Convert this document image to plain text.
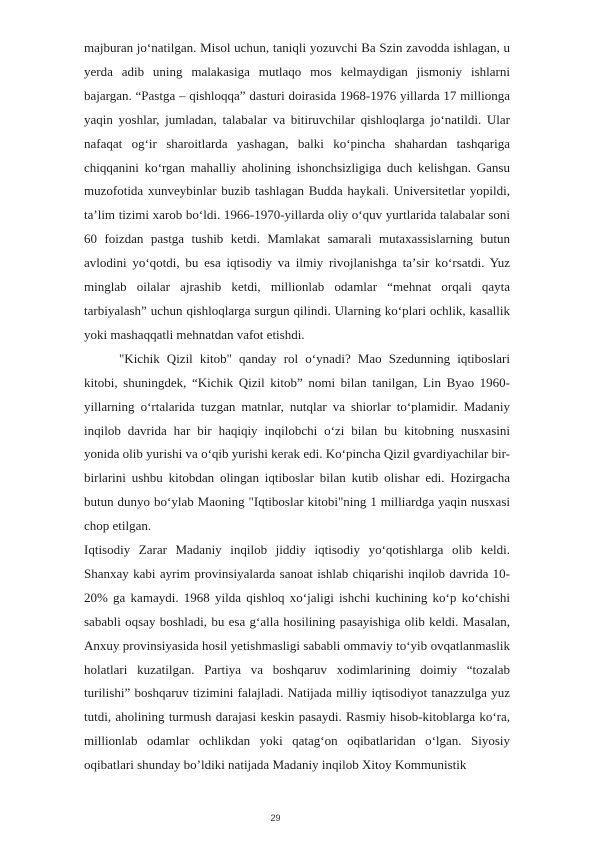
majburan joʻnatilgan. Misol uchun, taniqli yozuvchi Ba Szin zavodda ishlagan, u yerda adib uning malakasiga mutlaqo mos kelmaydigan jismoniy ishlarni bajargan. “Pastga – qishloqqa” dasturi doirasida 1968-1976 yillarda 17 millionga yaqin yoshlar, jumladan, talabalar va bitiruvchilar qishloqlarga joʻnatildi. Ular nafaqat ogʻir sharoitlarda yashagan, balki koʻpincha shahardan tashqariga chiqqanini koʻrgan mahalliy aholining ishonchsizligiga duch kelishgan. Gansu muzofotida xunveybinlar buzib tashlagan Budda haykali. Universitetlar yopildi, taʼlim tizimi xarob boʻldi. 1966-1970-yillarda oliy oʻquv yurtlarida talabalar soni 60 foizdan pastga tushib ketdi. Mamlakat samarali mutaxassislarning butun avlodini yoʻqotdi, bu esa iqtisodiy va ilmiy rivojlanishga taʼsir koʻrsatdi. Yuz minglab oilalar ajrashib ketdi, millionlab odamlar “mehnat orqali qayta tarbiyalash” uchun qishloqlarga surgun qilindi. Ularning koʻplari ochlik, kasallik yoki mashaqqatli mehnatdan vafot etishdi.

"Kichik Qizil kitob" qanday rol oʻynadi? Mao Szedunning iqtiboslari kitobi, shuningdek, “Kichik Qizil kitob” nomi bilan tanilgan, Lin Byao 1960-yillarning oʻrtalarida tuzgan matnlar, nutqlar va shiorlar toʻplamidir. Madaniy inqilob davrida har bir haqiqiy inqilobchi oʻzi bilan bu kitobning nusxasini yonida olib yurishi va oʻqib yurishi kerak edi. Koʻpincha Qizil gvardiyachilar bir-birlarini ushbu kitobdan olingan iqtiboslar bilan kutib olishar edi. Hozirgacha butun dunyo boʻylab Maoning "Iqtiboslar kitobi"ning 1 milliardga yaqin nusxasi chop etilgan.

Iqtisodiy Zarar Madaniy inqilob jiddiy iqtisodiy yoʻqotishlarga olib keldi. Shanxay kabi ayrim provinsiyalarda sanoat ishlab chiqarishi inqilob davrida 10-20% ga kamaydi. 1968 yilda qishloq xoʻjaligi ishchi kuchining koʻp koʻchishi sababli oqsay boshladi, bu esa gʻalla hosilining pasayishiga olib keldi. Masalan, Anxuy provinsiyasida hosil yetishmasligi sababli ommaviy toʻyib ovqatlanmaslik holatlari kuzatilgan. Partiya va boshqaruv xodimlarining doimiy “tozalab turilishi” boshqaruv tizimini falajladi. Natijada milliy iqtisodiyot tanazzulga yuz tutdi, aholining turmush darajasi keskin pasaydi. Rasmiy hisob-kitoblarga koʻra, millionlab odamlar ochlikdan yoki qatagʻon oqibatlaridan oʻlgan. Siyosiy oqibatlari shunday bo’ldiki natijada Madaniy inqilob Xitoy Kommunistik

29
